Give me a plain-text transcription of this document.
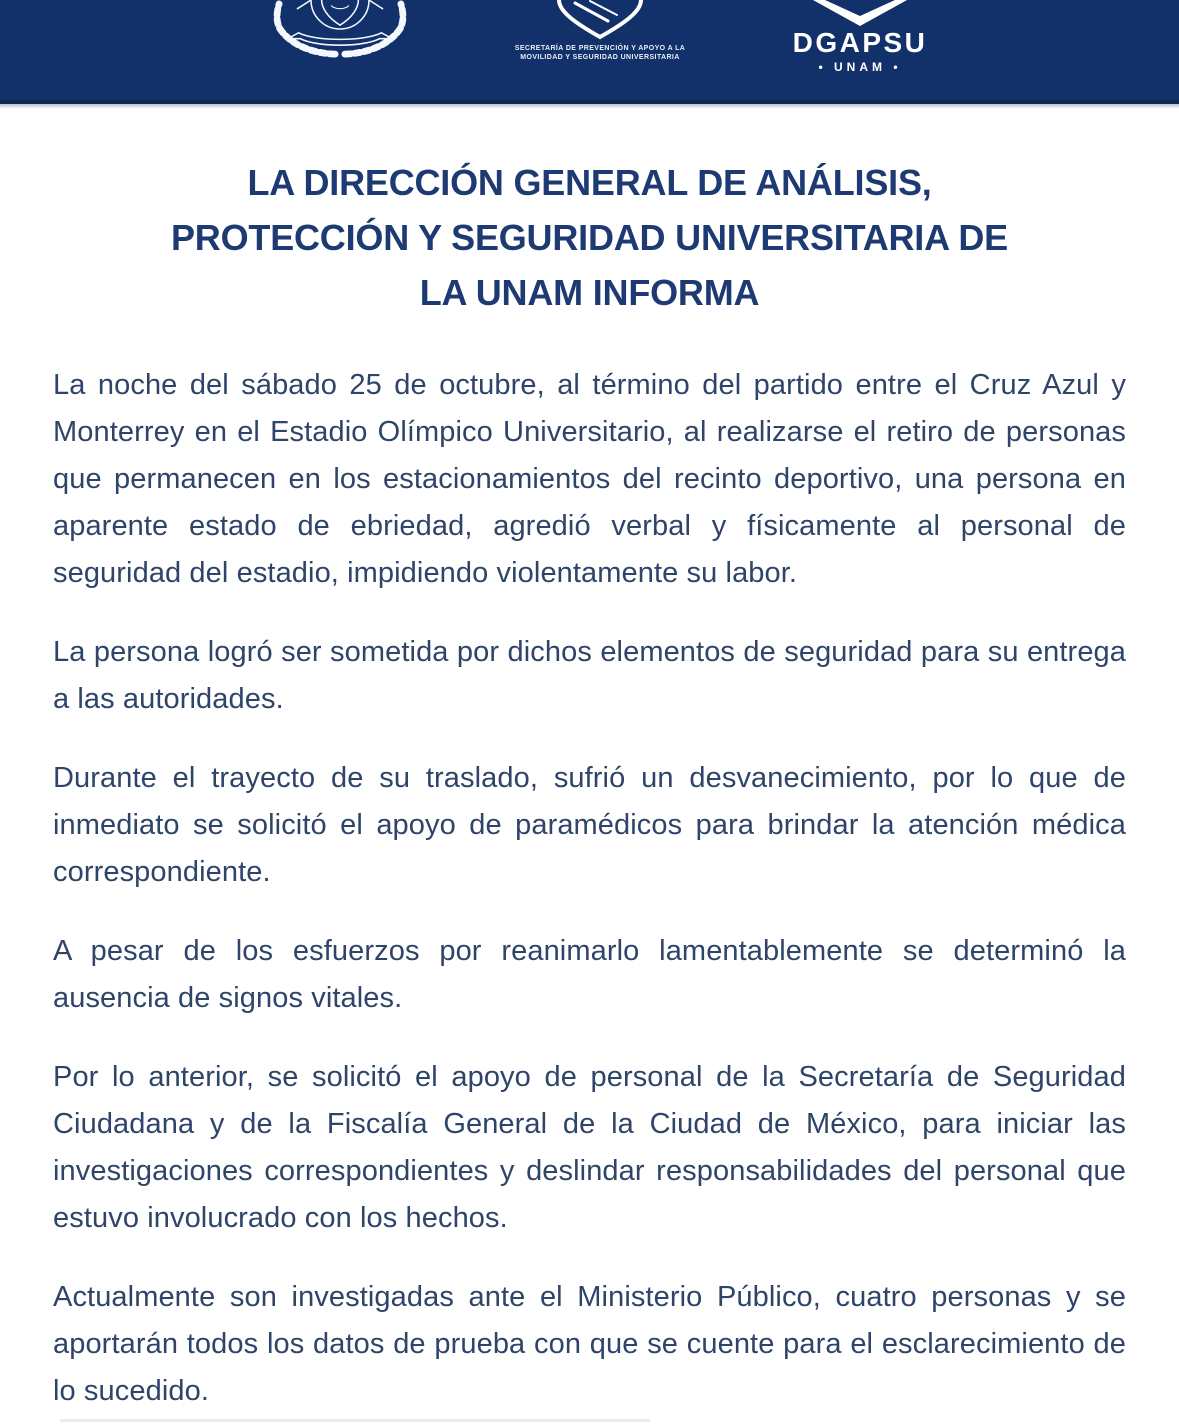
SECRETARÍA DE PREVENCIÓN Y APOYO A LA
MOVILIDAD Y SEGURIDAD UNIVERSITARIA	DGAPSU
• UNAM •
LA DIRECCIÓN GENERAL DE ANÁLISIS,
PROTECCIÓN Y SEGURIDAD UNIVERSITARIA DE
LA UNAM INFORMA

La noche del sábado 25 de octubre, al término del partido entre el Cruz Azul y Monterrey en el Estadio Olímpico Universitario, al realizarse el retiro de personas que permanecen en los estacionamientos del recinto deportivo, una persona en aparente estado de ebriedad, agredió verbal y físicamente al personal de seguridad del estadio, impidiendo violentamente su labor.

La persona logró ser sometida por dichos elementos de seguridad para su entrega a las autoridades.

Durante el trayecto de su traslado, sufrió un desvanecimiento, por lo que de inmediato se solicitó el apoyo de paramédicos para brindar la atención médica correspondiente.

A pesar de los esfuerzos por reanimarlo lamentablemente se determinó la ausencia de signos vitales.

Por lo anterior, se solicitó el apoyo de personal de la Secretaría de Seguridad Ciudadana y de la Fiscalía General de la Ciudad de México, para iniciar las investigaciones correspondientes y deslindar responsabilidades del personal que estuvo involucrado con los hechos.

Actualmente son investigadas ante el Ministerio Público, cuatro personas y se aportarán todos los datos de prueba con que se cuente para el esclarecimiento de lo sucedido.
